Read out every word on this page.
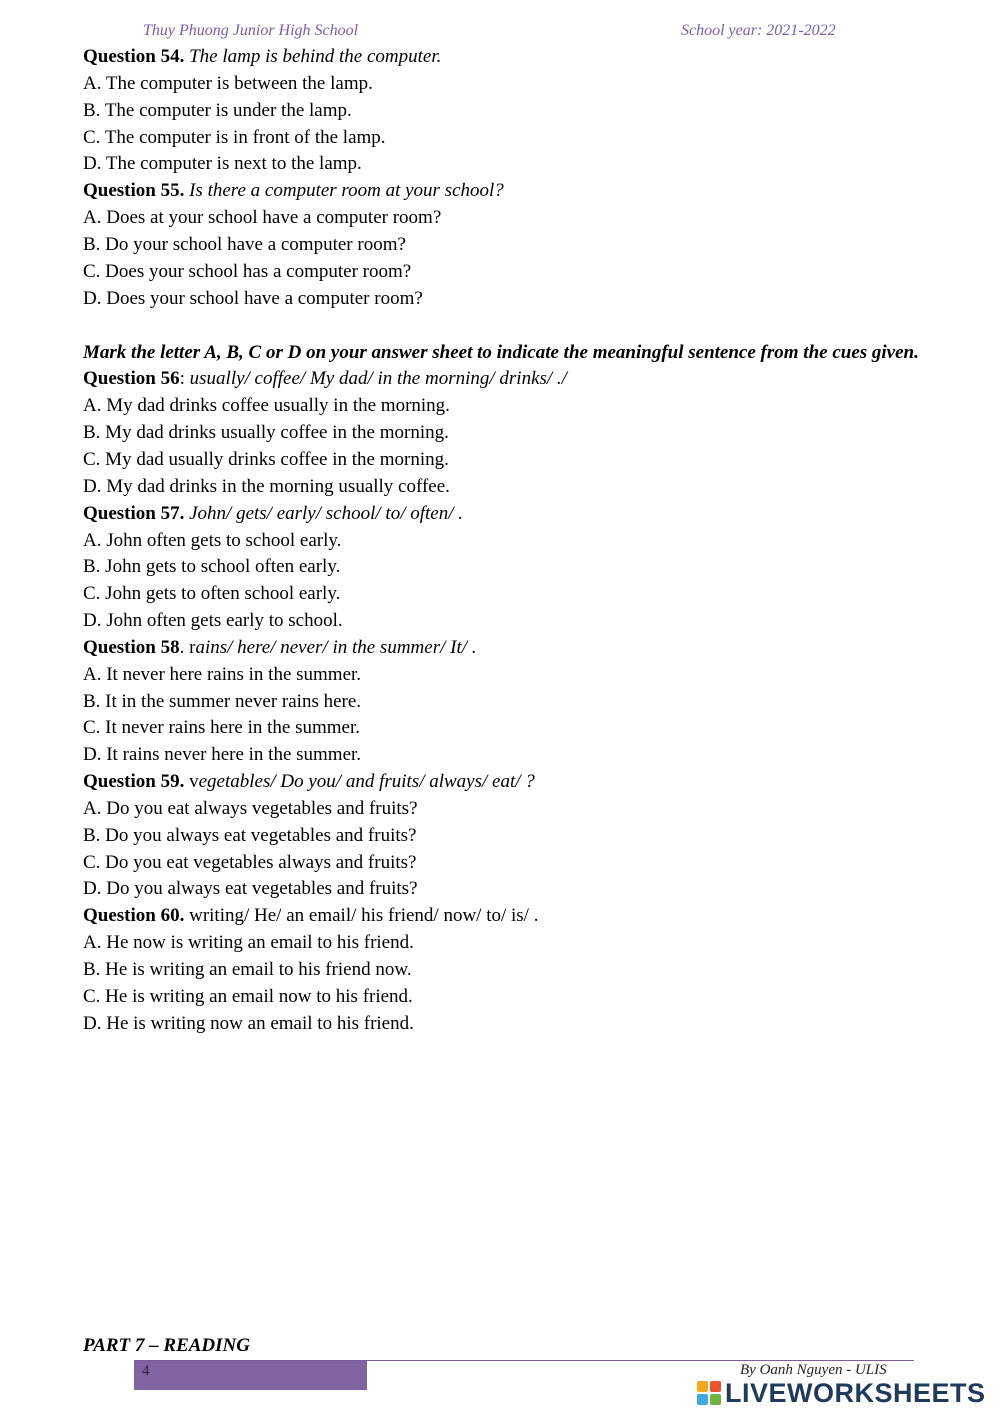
Thuy Phuong Junior High School	School year: 2021-2022
Question 54. The lamp is behind the computer.
A. The computer is between the lamp.
B. The computer is under the lamp.
C. The computer is in front of the lamp.
D. The computer is next to the lamp.
Question 55. Is there a computer room at your school?
A. Does at your school have a computer room?
B. Do your school have a computer room?
C. Does your school has a computer room?
D. Does your school have a computer room?
Mark the letter A, B, C or D on your answer sheet to indicate the meaningful sentence from the cues given.
Question 56: usually/ coffee/ My dad/ in the morning/ drinks/ ./
A. My dad drinks coffee usually in the morning.
B. My dad drinks usually coffee in the morning.
C. My dad usually drinks coffee in the morning.
D. My dad drinks in the morning usually coffee.
Question 57. John/ gets/ early/ school/ to/ often/ .
A. John often gets to school early.
B. John gets to school often early.
C. John gets to often school early.
D. John often gets early to school.
Question 58. rains/ here/ never/ in the summer/ It/ .
A. It never here rains in the summer.
B. It in the summer never rains here.
C. It never rains here in the summer.
D. It rains never here in the summer.
Question 59. vegetables/ Do you/ and fruits/ always/ eat/ ?
A. Do you eat always vegetables and fruits?
B. Do you always eat vegetables and fruits?
C. Do you eat vegetables always and fruits?
D. Do you always eat vegetables and fruits?
Question 60. writing/ He/ an email/ his friend/ now/ to/ is/ .
A. He now is writing an email to his friend.
B. He is writing an email to his friend now.
C. He is writing an email now to his friend.
D. He is writing now an email to his friend.
PART 7 – READING
4	By Oanh Nguyen - ULIS
LIVEWORKSHEETS
